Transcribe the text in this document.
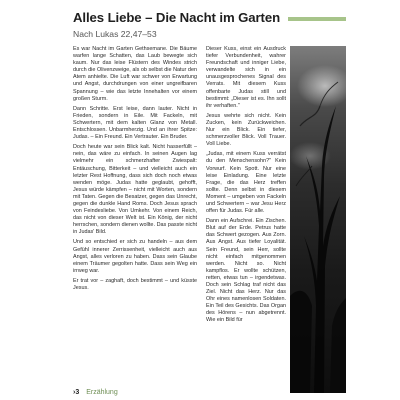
Alles Liebe – Die Nacht im Garten
Nach Lukas 22,47–53

Es war Nacht im Garten Gethsemane. Die Bäume warfen lange Schatten, das Laub bewegte sich kaum. Nur das leise Flüstern des Windes strich durch die Olivenzweige, als ob selbst die Natur den Atem anhielte. Die Luft war schwer von Erwartung und Angst, durchdrungen von einer ungreifbaren Spannung – wie das letzte Innehalten vor einem großen Sturm.

Dann Schritte. Erst leise, dann lauter. Nicht in Frieden, sondern in Eile. Mit Fackeln, mit Schwertern, mit dem kalten Glanz von Metall. Entschlossen. Unbarmherzig. Und an ihrer Spitze: Judas. – Ein Freund. Ein Vertrauter. Ein Bruder.

Doch heute war sein Blick kalt. Nicht hasserfüllt – nein, das wäre zu einfach. In seinen Augen lag vielmehr ein schmerzhafter Zwiespalt: Entäuschung, Bitterkeit – und vielleicht auch ein letzter Rest Hoffnung, dass sich doch noch etwas wenden möge. Judas hatte geglaubt, gehofft, Jesus würde kämpfen – nicht mit Worten, sondern mit Taten. Gegen die Besatzer, gegen das Unrecht, gegen die dunkle Hand Roms. Doch Jesus sprach von Feindesliebe. Von Umkehr. Von einem Reich, das nicht von dieser Welt ist. Ein König, der nicht herrschen, sondern dienen wollte. Das passte nicht in Judas' Bild.

Und so entschied er sich zu handeln – aus dem Gefühl innerer Zerrissenheit, vielleicht auch aus Angst, alles verloren zu haben. Dass sein Glaube einem Träumer gegolten hatte. Dass sein Weg ein irrweg war.

Er trat vor – zaghaft, doch bestimmt – und küsste Jesus.

Dieser Kuss, einst ein Ausdruck tiefer Verbundenheit, wahrer Freundschaft und inniger Liebe, verwandelte sich in ein unausgesprochenes Signal des Verrats. Mit diesem Kuss offenbarte Judas still und bestimmt: „Dieser ist es. Ihn sollt ihr verhaften."

Jesus wehrte sich nicht. Kein Zucken, kein Zurückweichen. Nur ein Blick. Ein tiefer, schmerzvoller Blick. Voll Trauer. Voll Liebe.

„Judas, mit einem Kuss verrätst du den Menschensohn?" Kein Vorwurf. Kein Spott. Nur eine leise Einladung. Eine letzte Frage, die das Herz treffen sollte. Denn selbst in diesem Moment – umgeben von Fackeln und Schwertern – war Jesu Herz offen für Judas. Für alle.

Dann ein Aufschrei. Ein Zischen. Blut auf der Erde. Petrus hatte das Schwert gezogen. Aus Zorn. Aus Angst. Aus tiefer Loyalität. Sein Freund, sein Herr, sollte nicht einfach mitgenommen werden. Nicht so. Nicht kampflos. Er wollte schützen, retten, etwas tun – irgendetwas. Doch sein Schlag traf nicht das Ziel. Nicht das Herz. Nur das Ohr eines namenlosen Soldaten. Ein Teil des Gesichts. Das Organ des Hörens – nun abgetrennt. Wie ein Bild für

›3 Erzählung
